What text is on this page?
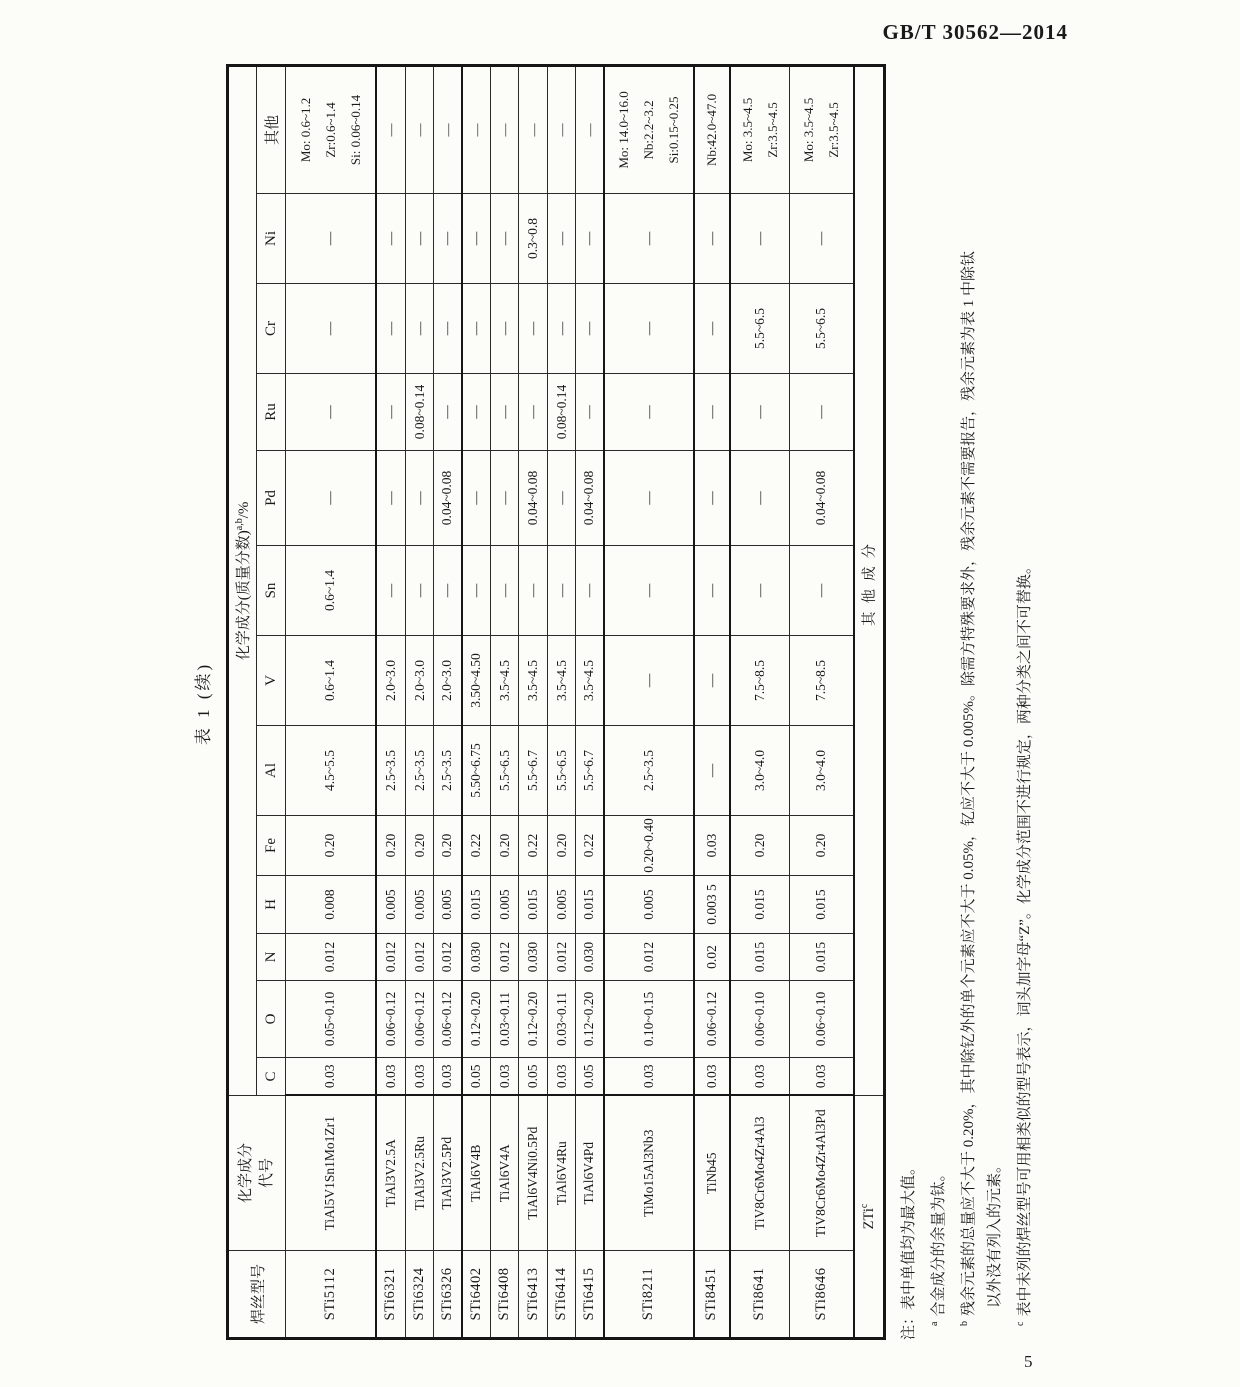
GB/T 30562—2014
表 1 (续)
焊丝型号	化学成分 代号	化学成分(质量分数)$^{a,b}$/%												
		C	O	N	H	Fe	Al	V	Sn	Pd	Ru	Cr	Ni	其他
STi5112	TiAl5V1Sn1Mo1Zr1	0.03	0.05~0.10	0.012	0.008	0.20	4.5~5.5	0.6~1.4	0.6~1.4	—	—	—	—	Mo: 0.6~1.2 Zr:0.6~1.4 Si: 0.06~0.14

STi6321	TiAl3V2.5A	0.03	0.06~0.12	0.012	0.005	0.20	2.5~3.5	2.0~3.0	—	—	—	—	—	—

STi6324	TiAl3V2.5Ru	0.03	0.06~0.12	0.012	0.005	0.20	2.5~3.5	2.0~3.0	—	—	0.08~0.14	—	—	—

STi6326	TiAl3V2.5Pd	0.03	0.06~0.12	0.012	0.005	0.20	2.5~3.5	2.0~3.0	—	0.04~0.08	—	—	—	—

STi6402	TiAl6V4B	0.05	0.12~0.20	0.030	0.015	0.22	5.50~6.75	3.50~4.50	—	—	—	—	—	—

STi6408	TiAl6V4A	0.03	0.03~0.11	0.012	0.005	0.20	5.5~6.5	3.5~4.5	—	—	—	—	—	—

STi6413	TiAl6V4Ni0.5Pd	0.05	0.12~0.20	0.030	0.015	0.22	5.5~6.7	3.5~4.5	—	0.04~0.08	—	—	0.3~0.8	—

STi6414	TiAl6V4Ru	0.03	0.03~0.11	0.012	0.005	0.20	5.5~6.5	3.5~4.5	—	—	0.08~0.14	—	—	—

STi6415	TiAl6V4Pd	0.05	0.12~0.20	0.030	0.015	0.22	5.5~6.7	3.5~4.5	—	0.04~0.08	—	—	—	—

STi8211	TiMo15Al3Nb3	0.03	0.10~0.15	0.012	0.005	0.20~0.40	2.5~3.5	—	—	—	—	—	—	Mo: 14.0~16.0 Nb:2.2~3.2 Si:0.15~0.25

STi8451	TiNb45	0.03	0.06~0.12	0.02	0.003 5	0.03	—	—	—	—	—	—	—	Nb:42.0~47.0

STi8641	TiV8Cr6Mo4Zr4Al3	0.03	0.06~0.10	0.015	0.015	0.20	3.0~4.0	7.5~8.5	—	—	—	5.5~6.5	—	Mo: 3.5~4.5 Zr:3.5~4.5

STi8646	TiV8Cr6Mo4Zr4Al3Pd	0.03	0.06~0.10	0.015	0.015	0.20	3.0~4.0	7.5~8.5	—	0.04~0.08	—	5.5~6.5	—	Mo: 3.5~4.5 Zr:3.5~4.5

ZTi$^c$		其他成分												
注：表中单值均为最大值。	$^a$合金成分的余量为钛。
$^b$残余元素的总量应不大于 0.20%，其中除钇外的单个元素应不大于 0.05%，钇应不大于 0.005%。除需方特殊要求外，残余元素不需要报告，残余元素为表 1 中除钛 以外没有列入的元素。
$^c$表中未列的焊丝型号可用相类似的型号表示，词头加字母“Z”。化学成分范围不进行规定，两种分类之间不可替换。
5
